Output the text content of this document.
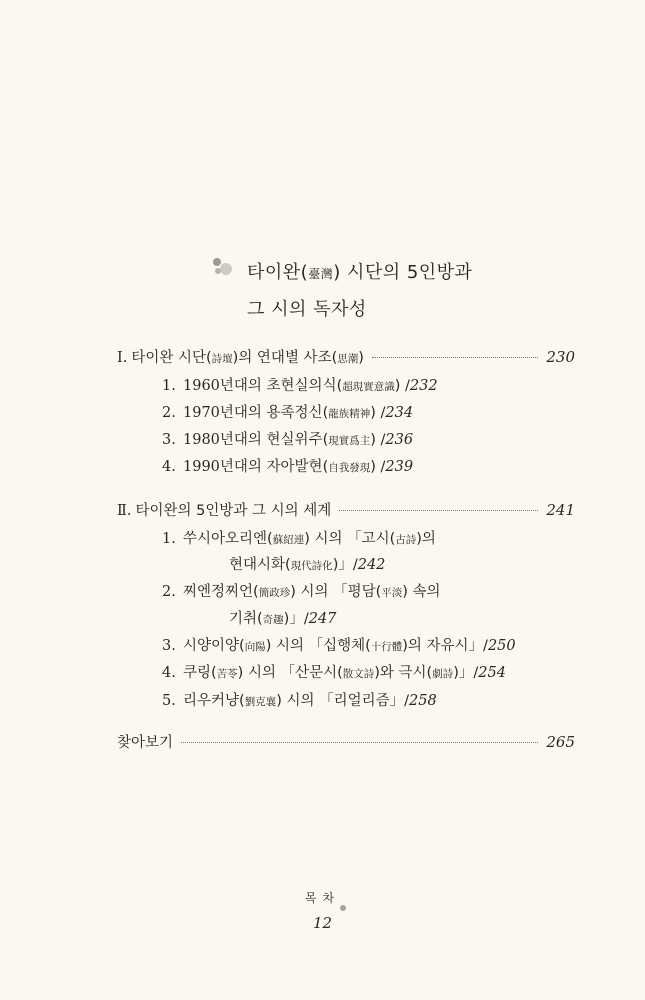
타이완(臺灣) 시단의 5인방과
그 시의 독자성
Ⅰ. 타이완 시단(詩壇)의 연대별 사조(思潮)	230
1. 1960 년대의 초현실의식( 超現實意識 ) / 232
2. 1970 년대의 용족정신( 龍族精神 ) / 234
3. 1980 년대의 현실위주( 現實爲主 ) / 236
4. 1990 년대의 자아발현( 自我發現 ) / 239
Ⅱ. 타이완의 5인방과 그 시의 세계	241
1. 쑤시아오리엔( 蘇紹連 ) 시의 「고시( 古詩 )의
현대시화( 現代詩化 )」/ 242
2. 찌엔정찌언( 簡政珍 ) 시의 「평담( 平淡 ) 속의
기취( 奇趣 )」/ 247
3. 시양이양( 向陽 ) 시의 「십행체( 十行體 )의 자유시」/ 250
4. 쿠링( 苦苓 ) 시의 「산문시( 散文詩 )와 극시( 劇詩 )」/ 254
5. 리우커냥( 劉克襄 ) 시의 「리얼리즘」/ 258
찾아보기	265
목차
12
